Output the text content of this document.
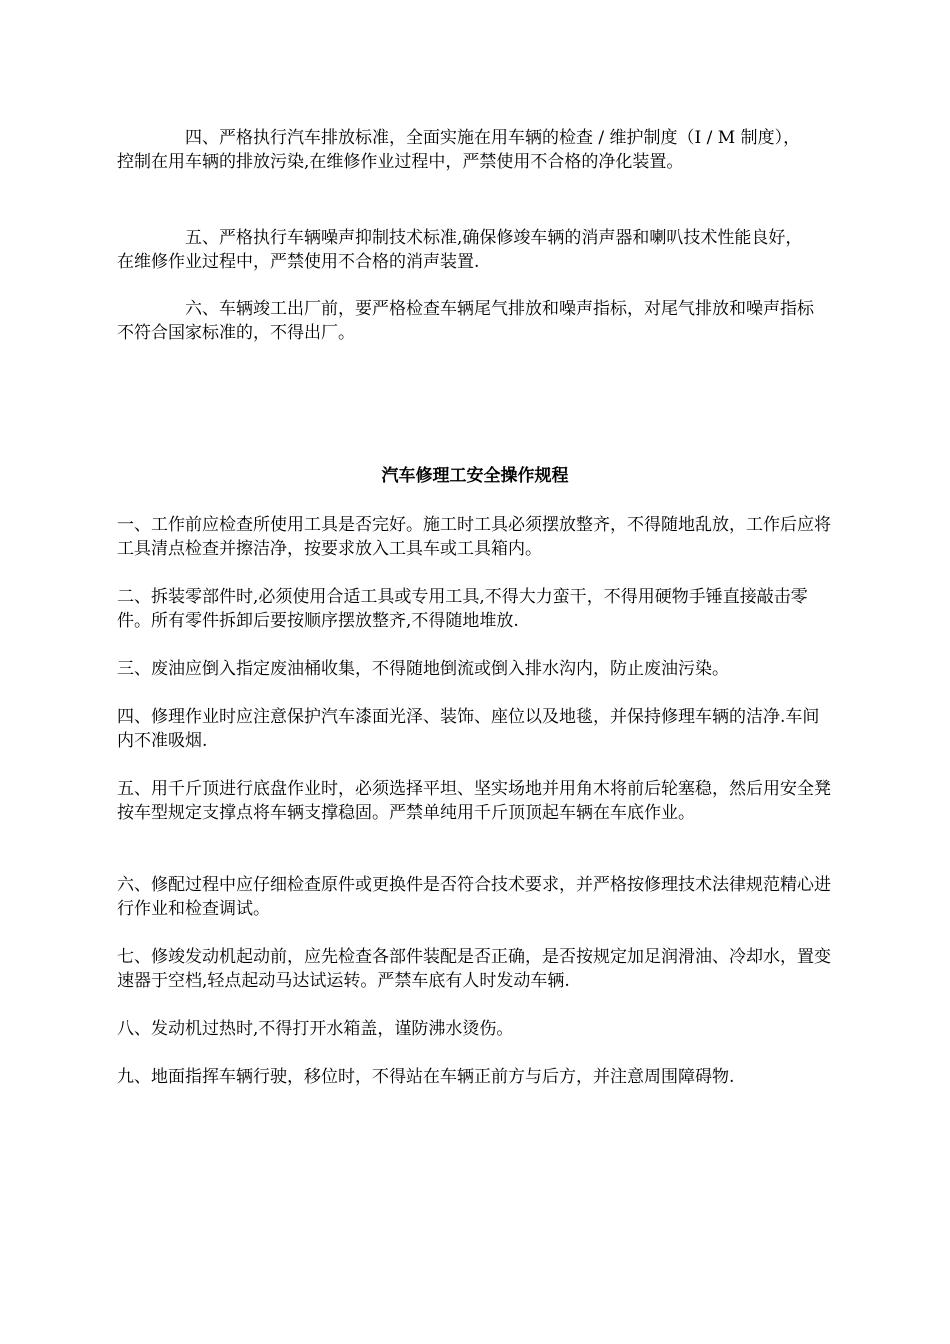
四、严格执行汽车排放标准，全面实施在用车辆的检查 / 维护制度（I / M 制度），控制在用车辆的排放污染,在维修作业过程中，严禁使用不合格的净化装置。

五、严格执行车辆噪声抑制技术标准,确保修竣车辆的消声器和喇叭技术性能良好，在维修作业过程中，严禁使用不合格的消声装置.

六、车辆竣工出厂前，要严格检查车辆尾气排放和噪声指标，对尾气排放和噪声指标不符合国家标准的，不得出厂。

汽车修理工安全操作规程

一、工作前应检查所使用工具是否完好。施工时工具必须摆放整齐，不得随地乱放，工作后应将工具清点检查并擦洁净，按要求放入工具车或工具箱内。

二、拆装零部件时,必须使用合适工具或专用工具,不得大力蛮干，不得用硬物手锤直接敲击零件。所有零件拆卸后要按顺序摆放整齐,不得随地堆放.

三、废油应倒入指定废油桶收集，不得随地倒流或倒入排水沟内，防止废油污染。

四、修理作业时应注意保护汽车漆面光泽、装饰、座位以及地毯，并保持修理车辆的洁净.车间内不准吸烟.

五、用千斤顶进行底盘作业时，必须选择平坦、坚实场地并用角木将前后轮塞稳，然后用安全凳按车型规定支撑点将车辆支撑稳固。严禁单纯用千斤顶顶起车辆在车底作业。

六、修配过程中应仔细检查原件或更换件是否符合技术要求，并严格按修理技术法律规范精心进行作业和检查调试。

七、修竣发动机起动前，应先检查各部件装配是否正确，是否按规定加足润滑油、冷却水，置变速器于空档,轻点起动马达试运转。严禁车底有人时发动车辆.

八、发动机过热时,不得打开水箱盖，谨防沸水烫伤。

九、地面指挥车辆行驶，移位时，不得站在车辆正前方与后方，并注意周围障碍物.
